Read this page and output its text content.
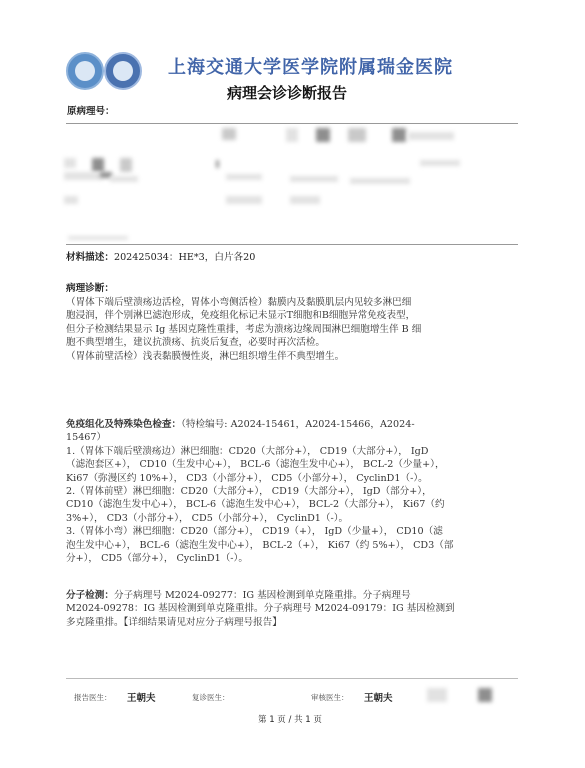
上海交通大学医学院附属瑞金医院
病理会诊诊断报告
原病理号：
材料描述：202425034：HE*3，白片各20
病理诊断：
（胃体下端后壁溃疡边活检，胃体小弯侧活检）黏膜内及黏膜肌层内见较多淋巴细
胞浸润，伴个别淋巴滤泡形成，免疫组化标记未显示T细胞和B细胞异常免疫表型，
但分子检测结果显示 Ig 基因克隆性重排，考虑为溃疡边缘周围淋巴细胞增生伴 B 细
胞不典型增生，建议抗溃疡、抗炎后复查，必要时再次活检。
（胃体前壁活检）浅表黏膜慢性炎，淋巴组织增生伴不典型增生。
免疫组化及特殊染色检查：（特检编号: A2024-15461，A2024-15466，A2024-
15467）
1.（胃体下端后壁溃疡边）淋巴细胞：CD20（大部分+）， CD19（大部分+）， IgD
（滤泡套区+）， CD10（生发中心+）， BCL-6（滤泡生发中心+）， BCL-2（少量+），
Ki67（弥漫区约 10%+）， CD3（小部分+）， CD5（小部分+）， CyclinD1（-）。
2.（胃体前壁）淋巴细胞：CD20（大部分+）， CD19（大部分+）， IgD（部分+），
CD10（滤泡生发中心+）， BCL-6（滤泡生发中心+）， BCL-2（大部分+）， Ki67（约
3%+）， CD3（小部分+）， CD5（小部分+）， CyclinD1（-）。
3.（胃体小弯）淋巴细胞：CD20（部分+）， CD19（+）， IgD（少量+）， CD10（滤
泡生发中心+）， BCL-6（滤泡生发中心+）， BCL-2（+）， Ki67（约 5%+）， CD3（部
分+）， CD5（部分+）， CyclinD1（-）。
分子检测：分子病理号 M2024-09277：IG 基因检测到单克隆重排。分子病理号
M2024-09278：IG 基因检测到单克隆重排。分子病理号 M2024-09179：IG 基因检测到
多克隆重排。【详细结果请见对应分子病理号报告】
报告医生： 王朝夫	复诊医生：	审核医生： 王朝夫
第 1 页 / 共 1 页
